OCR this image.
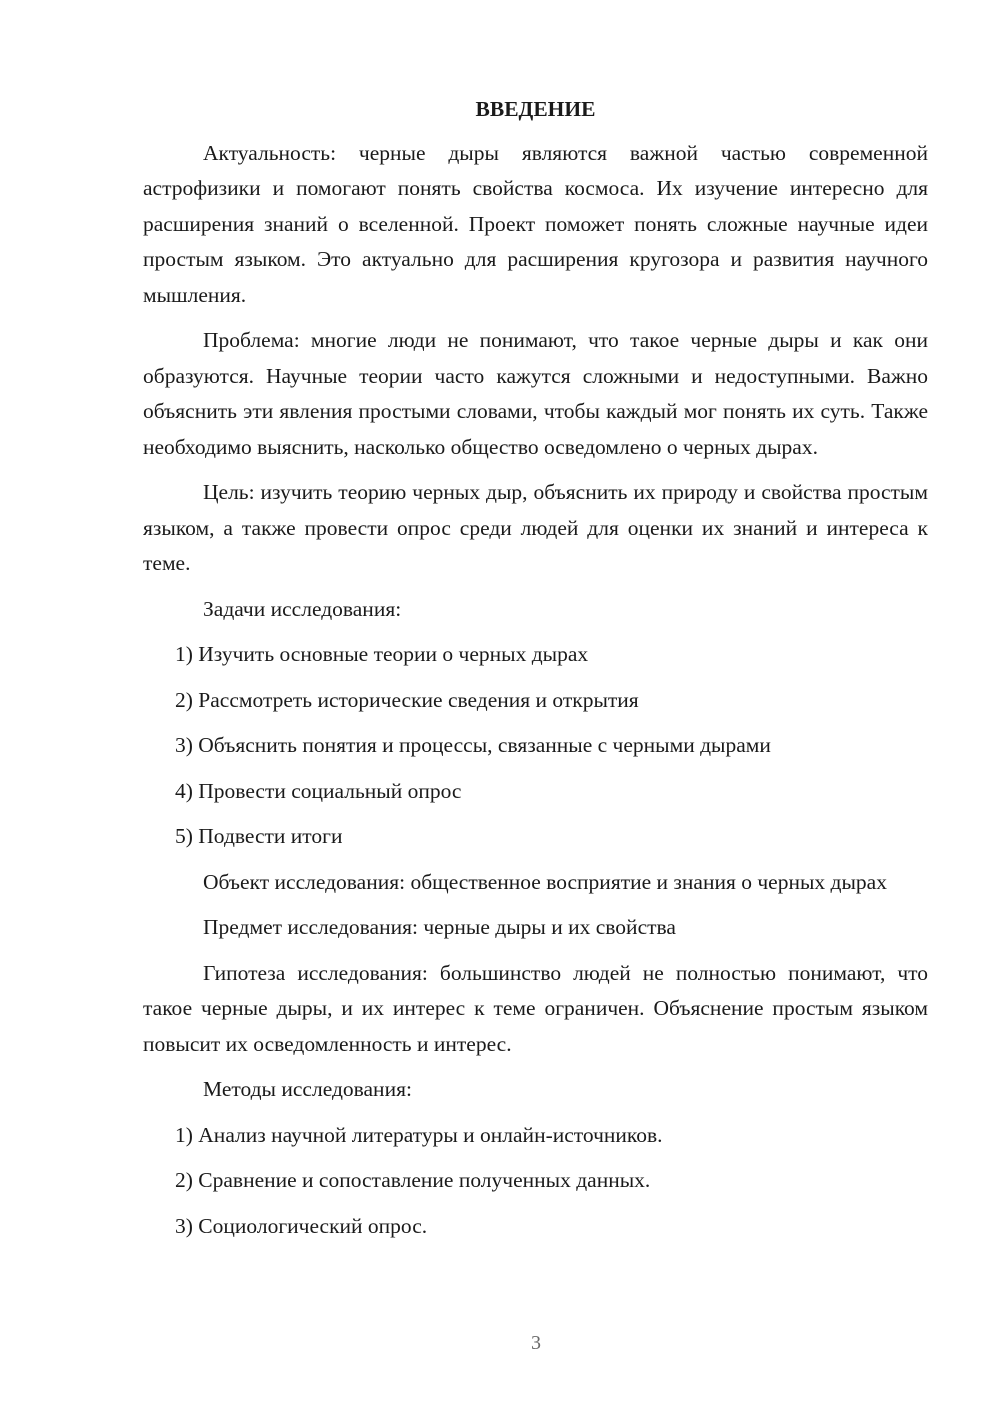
ВВЕДЕНИЕ

Актуальность: черные дыры являются важной частью современной астрофизики и помогают понять свойства космоса. Их изучение интересно для расширения знаний о вселенной. Проект поможет понять сложные научные идеи простым языком. Это актуально для расширения кругозора и развития научного мышления.

Проблема: многие люди не понимают, что такое черные дыры и как они образуются. Научные теории часто кажутся сложными и недоступными. Важно объяснить эти явления простыми словами, чтобы каждый мог понять их суть. Также необходимо выяснить, насколько общество осведомлено о черных дырах.

Цель: изучить теорию черных дыр, объяснить их природу и свойства простым языком, а также провести опрос среди людей для оценки их знаний и интереса к теме.

Задачи исследования:

1) Изучить основные теории о черных дырах
2) Рассмотреть исторические сведения и открытия
3) Объяснить понятия и процессы, связанные с черными дырами
4) Провести социальный опрос
5) Подвести итоги

Объект исследования: общественное восприятие и знания о черных дырах

Предмет исследования: черные дыры и их свойства

Гипотеза исследования: большинство людей не полностью понимают, что такое черные дыры, и их интерес к теме ограничен. Объяснение простым языком повысит их осведомленность и интерес.

Методы исследования:

1) Анализ научной литературы и онлайн-источников.
2) Сравнение и сопоставление полученных данных.
3) Социологический опрос.
3
